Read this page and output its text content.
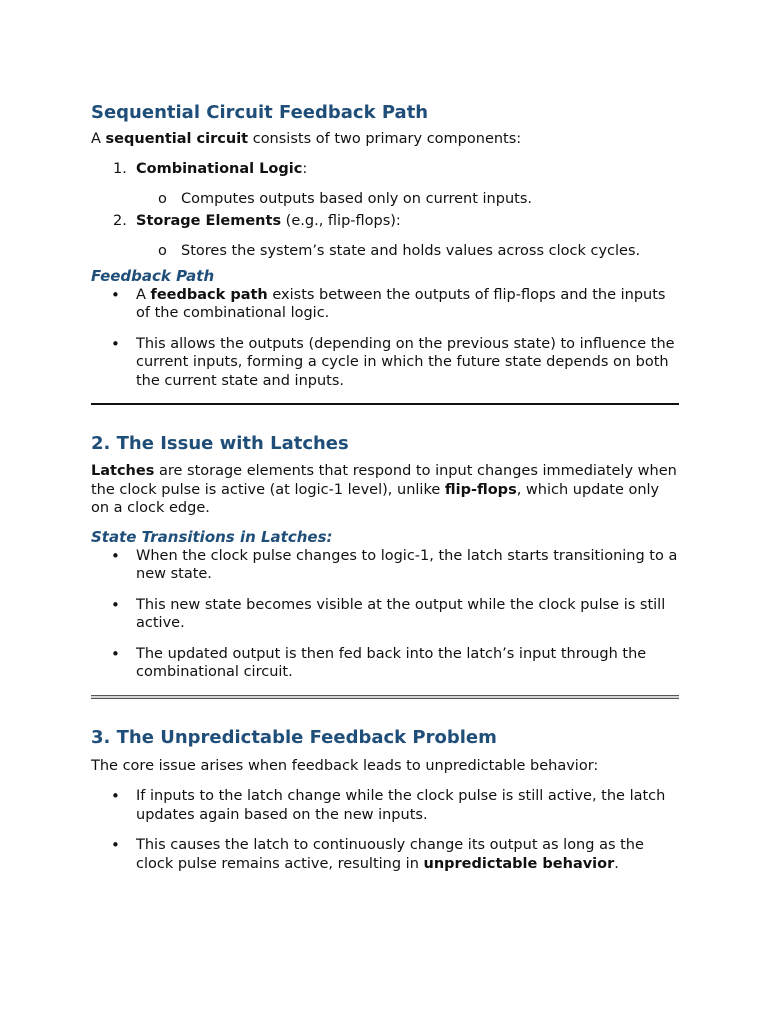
Sequential Circuit Feedback Path

A sequential circuit consists of two primary components:

1. Combinational Logic:
o Computes outputs based only on current inputs.
2. Storage Elements (e.g., flip-flops):
o Stores the system’s state and holds values across clock cycles.
Feedback Path
• A feedback path exists between the outputs of flip-flops and the inputs of the combinational logic.
• This allows the outputs (depending on the previous state) to influence the current inputs, forming a cycle in which the future state depends on both the current state and inputs.
2. The Issue with Latches

Latches are storage elements that respond to input changes immediately when the clock pulse is active (at logic-1 level), unlike flip-flops, which update only on a clock edge.

State Transitions in Latches:
• When the clock pulse changes to logic-1, the latch starts transitioning to a new state.
• This new state becomes visible at the output while the clock pulse is still active.
• The updated output is then fed back into the latch’s input through the combinational circuit.
3. The Unpredictable Feedback Problem

The core issue arises when feedback leads to unpredictable behavior:

• If inputs to the latch change while the clock pulse is still active, the latch updates again based on the new inputs.
• This causes the latch to continuously change its output as long as the clock pulse remains active, resulting in unpredictable behavior.
